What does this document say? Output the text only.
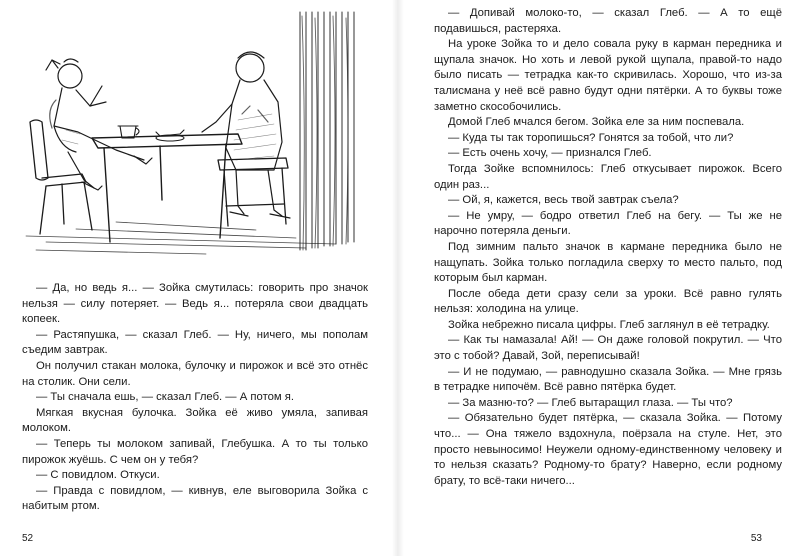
— Да, но ведь я... — Зойка смутилась: говорить про значок нельзя — силу потеряет. — Ведь я... потеряла свои двадцать копеек.

— Растяпушка, — сказал Глеб. — Ну, ничего, мы пополам съедим завтрак.

Он получил стакан молока, булочку и пирожок и всё это отнёс на столик. Они сели.

— Ты сначала ешь, — сказал Глеб. — А потом я.

Мягкая вкусная булочка. Зойка её живо умяла, запивая молоком.

— Теперь ты молоком запивай, Глебушка. А то ты только пирожок жуёшь. С чем он у тебя?

— С повидлом. Откуси.

— Правда с повидлом, — кивнув, еле выговорила Зойка с набитым ртом.

52

— Допивай молоко-то, — сказал Глеб. — А то ещё подавишься, растеряха.

На уроке Зойка то и дело совала руку в карман передника и щупала значок. Но хоть и левой рукой щупала, правой-то надо было писать — тетрадка как-то скривилась. Хорошо, что из-за талисмана у неё всё равно будут одни пятёрки. А то буквы тоже заметно скособочились.

Домой Глеб мчался бегом. Зойка еле за ним поспевала.

— Куда ты так торопишься? Гонятся за тобой, что ли?

— Есть очень хочу, — признался Глеб.

Тогда Зойке вспомнилось: Глеб откусывает пирожок. Всего один раз...

— Ой, я, кажется, весь твой завтрак съела?

— Не умру, — бодро ответил Глеб на бегу. — Ты же не нарочно потеряла деньги.

Под зимним пальто значок в кармане передника было не нащупать. Зойка только погладила сверху то место пальто, под которым был карман.

После обеда дети сразу сели за уроки. Всё равно гулять нельзя: холодина на улице.

Зойка небрежно писала цифры. Глеб заглянул в её тетрадку.

— Как ты намазала! Ай! — Он даже головой покрутил. — Что это с тобой? Давай, Зой, переписывай!

— И не подумаю, — равнодушно сказала Зойка. — Мне грязь в тетрадке нипочём. Всё равно пятёрка будет.

— За мазню-то? — Глеб вытаращил глаза. — Ты что?

— Обязательно будет пятёрка, — сказала Зойка. — Потому что... — Она тяжело вздохнула, поёрзала на стуле. Нет, это просто невыносимо! Неужели одному-единственному человеку и то нельзя сказать? Родному-то брату? Наверно, если родному брату, то всё-таки ничего...

53
